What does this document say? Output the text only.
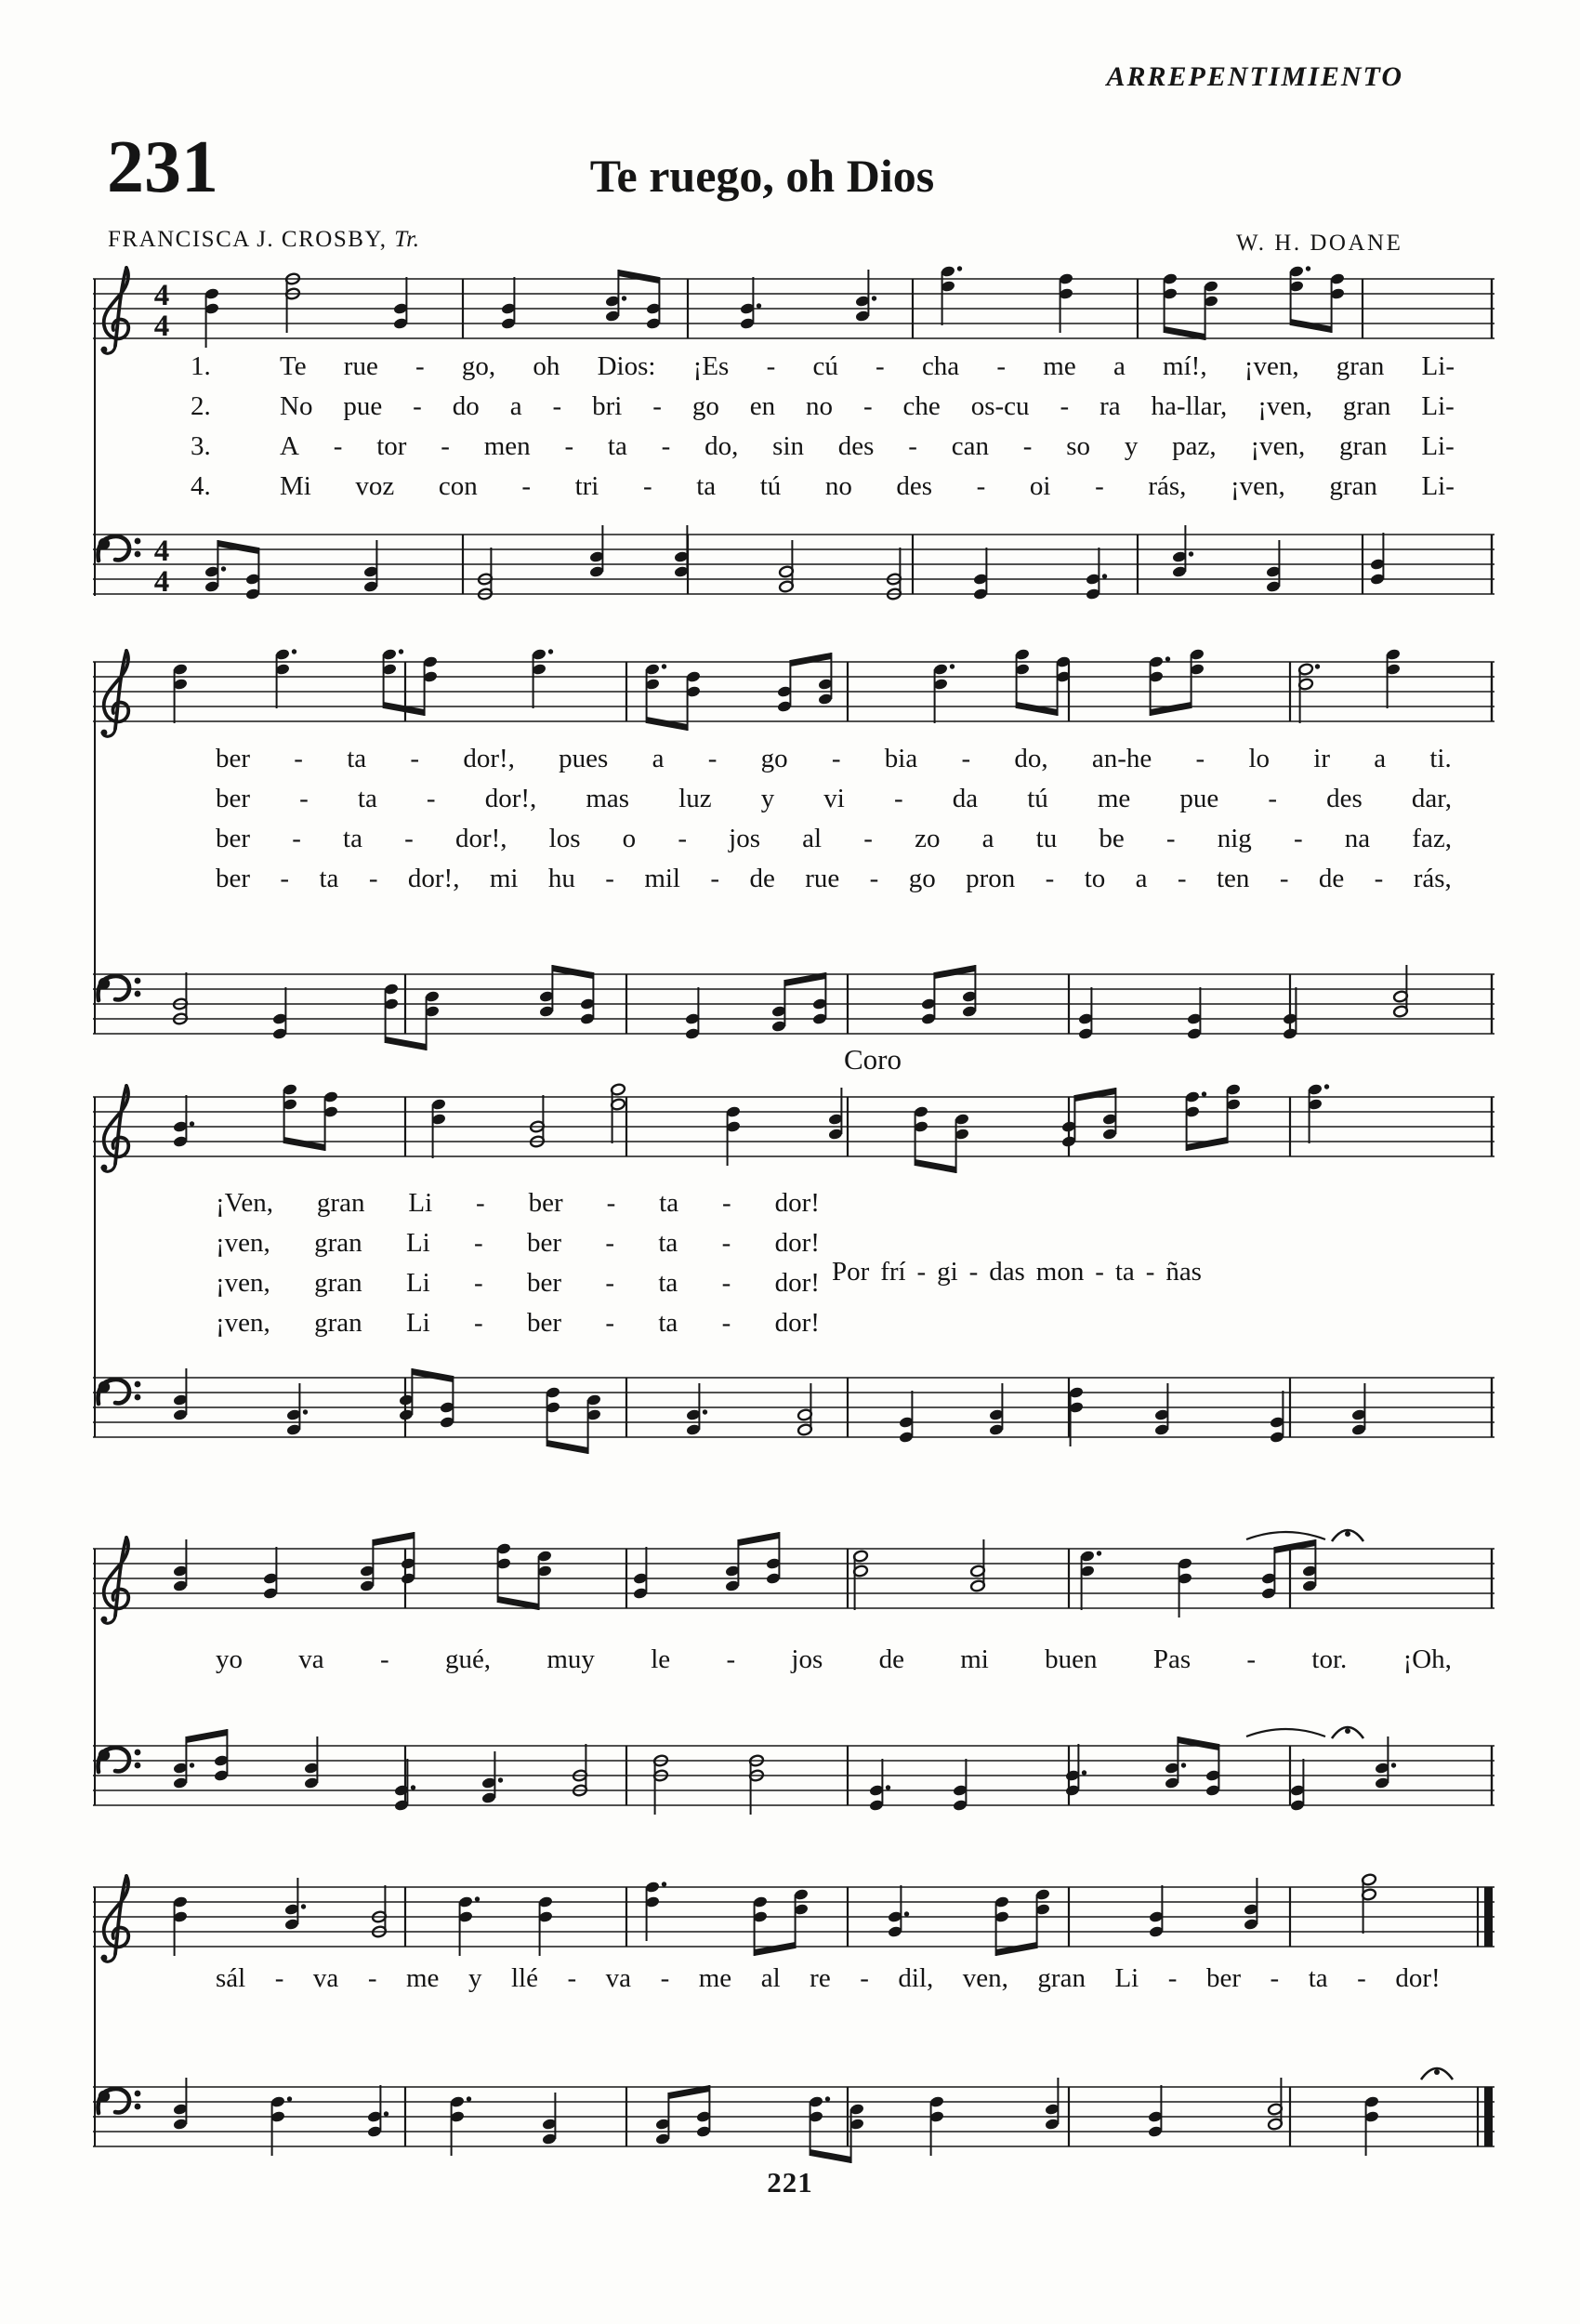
ARREPENTIMIENTO
231	Te ruego, oh Dios
FRANCISCA J. CROSBY, Tr.	W. H. DOANE
Coro
4
4
4
4
1.	Te rue - go, oh Dios: ¡Es - cú - cha - me a mí!, ¡ven, gran Li-
2.	No pue - do a - bri - go en no - che os-cu - ra ha-llar, ¡ven, gran Li-
3.	A - tor - men - ta - do, sin des - can - so y paz, ¡ven, gran Li-
4.	Mi voz con - tri - ta tú no des - oi - rás, ¡ven, gran Li-
ber - ta - dor!, pues a - go - bia - do, an-he - lo ir a ti.
ber - ta - dor!, mas luz y vi - da tú me pue - des dar,
ber - ta - dor!, los o - jos al - zo a tu be - nig - na faz,
ber - ta - dor!, mi hu - mil - de rue - go pron - to a - ten - de - rás,
¡Ven, gran Li - ber - ta - dor!
¡ven, gran Li - ber - ta - dor!
¡ven, gran Li - ber - ta - dor!
¡ven, gran Li - ber - ta - dor!
Por frí - gi - das mon - ta - ñas
yo va - gué, muy le - jos de mi buen Pas - tor. ¡Oh,
sál - va - me y llé - va - me al re - dil, ven, gran Li - ber - ta - dor!
221
